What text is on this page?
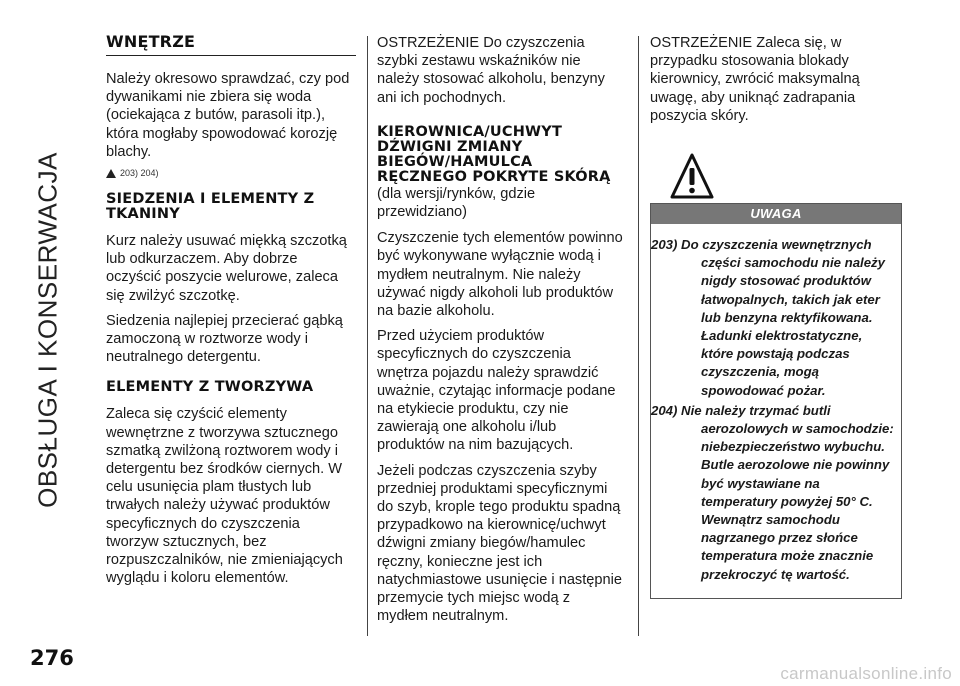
OBSŁUGA I KONSERWACJA
WNĘTRZE

Należy okresowo sprawdzać, czy pod dywanikami nie zbiera się woda (ociekająca z butów, parasoli itp.), która mogłaby spowodować korozję blachy.

203) 204)
SIEDZENIA I ELEMENTY Z TKANINY

Kurz należy usuwać miękką szczotką lub odkurzaczem. Aby dobrze oczyścić poszycie welurowe, zaleca się zwilżyć szczotkę.

Siedzenia najlepiej przecierać gąbką zamoczoną w roztworze wody i neutralnego detergentu.

ELEMENTY Z TWORZYWA

Zaleca się czyścić elementy wewnętrzne z tworzywa sztucznego szmatką zwilżoną roztworem wody i detergentu bez środków ciernych. W celu usunięcia plam tłustych lub trwałych należy używać produktów specyficznych do czyszczenia tworzyw sztucznych, bez rozpuszczalników, nie zmieniających wyglądu i koloru elementów.

OSTRZEŻENIE Do czyszczenia szybki zestawu wskaźników nie należy stosować alkoholu, benzyny ani ich pochodnych.

KIEROWNICA/UCHWYT DŹWIGNI ZMIANY BIEGÓW/HAMULCA RĘCZNEGO POKRYTE SKÓRĄ

(dla wersji/rynków, gdzie przewidziano)

Czyszczenie tych elementów powinno być wykonywane wyłącznie wodą i mydłem neutralnym. Nie należy używać nigdy alkoholi lub produktów na bazie alkoholu.

Przed użyciem produktów specyficznych do czyszczenia wnętrza pojazdu należy sprawdzić uważnie, czytając informacje podane na etykiecie produktu, czy nie zawierają one alkoholu i/lub produktów na nim bazujących.

Jeżeli podczas czyszczenia szyby przedniej produktami specyficznymi do szyb, krople tego produktu spadną przypadkowo na kierownicę/uchwyt dźwigni zmiany biegów/hamulec ręczny, konieczne jest ich natychmiastowe usunięcie i następnie przemycie tych miejsc wodą z mydłem neutralnym.

OSTRZEŻENIE Zaleca się, w przypadku stosowania blokady kierownicy, zwrócić maksymalną uwagę, aby uniknąć zadrapania poszycia skóry.

UWAGA

203) Do czyszczenia wewnętrznych części samochodu nie należy nigdy stosować produktów łatwopalnych, takich jak eter lub benzyna rektyfikowana. Ładunki elektrostatyczne, które powstają podczas czyszczenia, mogą spowodować pożar.

204) Nie należy trzymać butli aerozolowych w samochodzie: niebezpieczeństwo wybuchu. Butle aerozolowe nie powinny być wystawiane na temperatury powyżej 50° C. Wewnątrz samochodu nagrzanego przez słońce temperatura może znacznie przekroczyć tę wartość.

276
carmanualsonline.info
